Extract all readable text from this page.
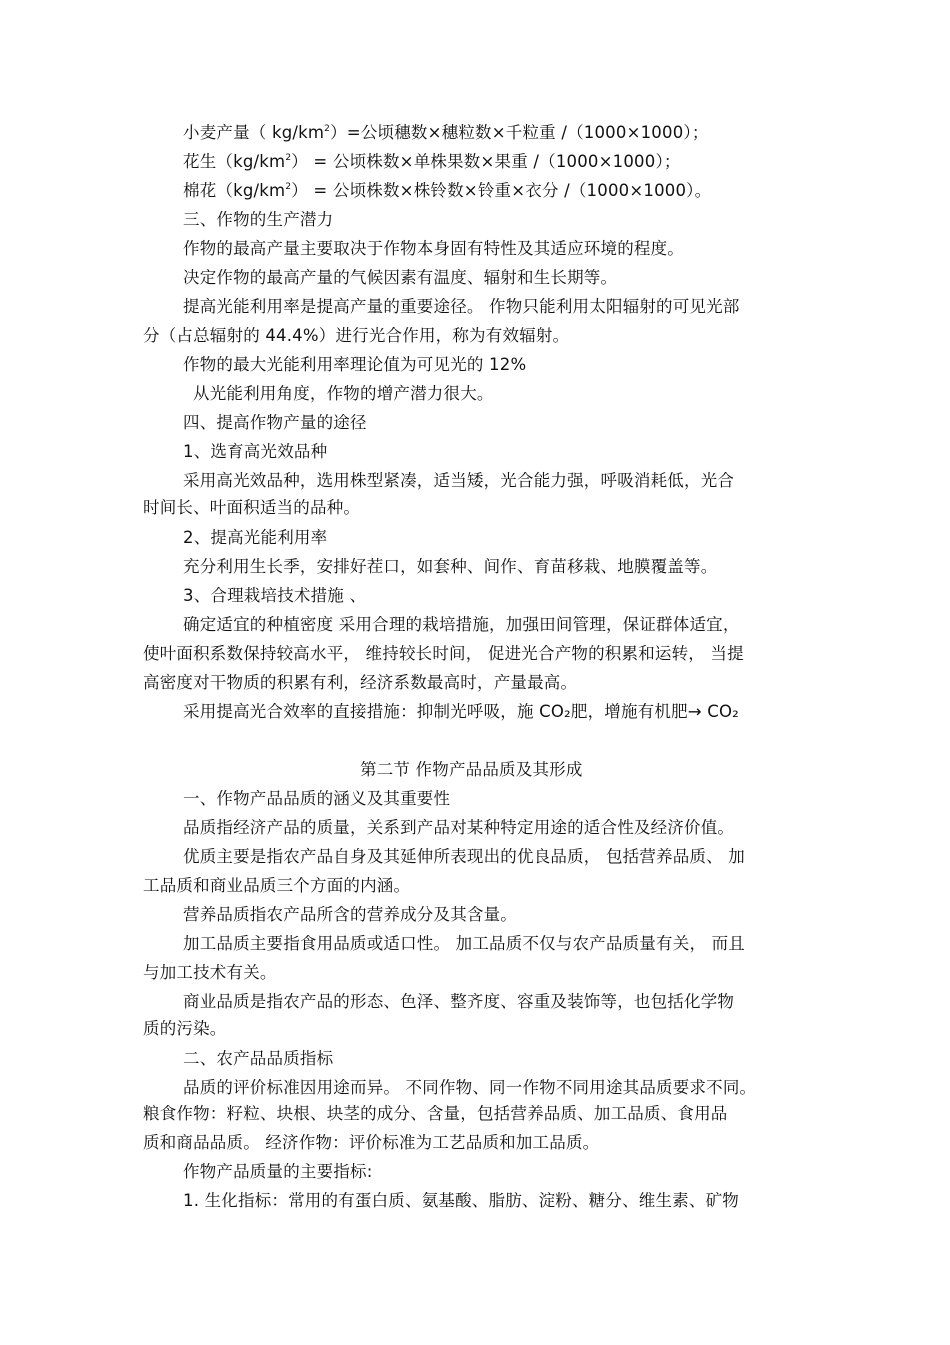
小麦产量（ $kg/km^2)=$公顷穗数×穗粒数×千粒重 /（1000×1000）；
花生$(kg/km^2)$ = 公顷株数×单株果数×果重 /（1000×1000）；
棉花$(kg/km^2)$ = 公顷株数×株铃数×铃重×衣分 /（1000×1000）。
三、作物的生产潜力
作物的最高产量主要取决于作物本身固有特性及其适应环境的程度。
决定作物的最高产量的气候因素有温度、辐射和生长期等。
提高光能利用率是提高产量的重要途径。 作物只能利用太阳辐射的可见光部
分（占总辐射的 44.4%）进行光合作用，称为有效辐射。
作物的最大光能利用率理论值为可见光的 12%
从光能利用角度，作物的增产潜力很大。
四、提高作物产量的途径
1、选育高光效品种
采用高光效品种，选用株型紧凑，适当矮，光合能力强，呼吸消耗低，光合
时间长、叶面积适当的品种。
2、提高光能利用率
充分利用生长季，安排好茬口，如套种、间作、育苗移栽、地膜覆盖等。
3、合理栽培技术措施 、
确定适宜的种植密度 采用合理的栽培措施，加强田间管理，保证群体适宜，
使叶面积系数保持较高水平， 维持较长时间， 促进光合产物的积累和运转， 当提
高密度对干物质的积累有利，经济系数最高时，产量最高。
采用提高光合效率的直接措施：抑制光呼吸，施 CO₂肥，增施有机肥→ CO₂
第二节 作物产品品质及其形成
一、作物产品品质的涵义及其重要性
品质指经济产品的质量，关系到产品对某种特定用途的适合性及经济价值。
优质主要是指农产品自身及其延伸所表现出的优良品质， 包括营养品质、 加
工品质和商业品质三个方面的内涵。
营养品质指农产品所含的营养成分及其含量。
加工品质主要指食用品质或适口性。 加工品质不仅与农产品质量有关， 而且
与加工技术有关。
商业品质是指农产品的形态、色泽、整齐度、容重及装饰等，也包括化学物
质的污染。
二、农产品品质指标
品质的评价标准因用途而异。 不同作物、同一作物不同用途其品质要求不同。
粮食作物：籽粒、块根、块茎的成分、含量，包括营养品质、加工品质、食用品
质和商品品质。 经济作物：评价标准为工艺品质和加工品质。
作物产品质量的主要指标:
1. 生化指标：常用的有蛋白质、氨基酸、脂肪、淀粉、糖分、维生素、矿物
